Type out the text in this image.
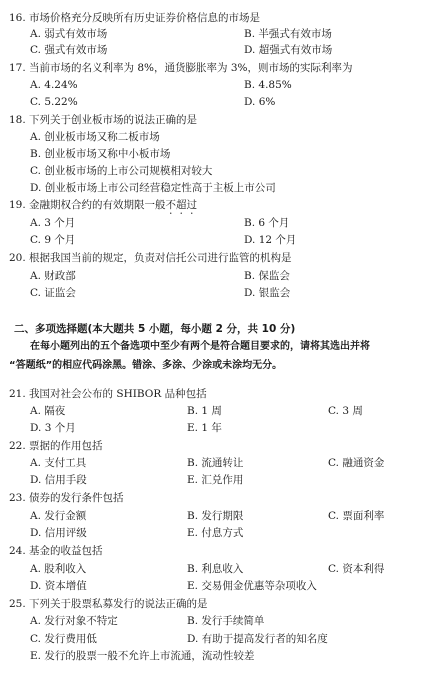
16. 市场价格充分反映所有历史证券价格信息的市场是
A. 弱式有效市场	B. 半强式有效市场
C. 强式有效市场	D. 超强式有效市场
17. 当前市场的名义利率为 8%，通货膨胀率为 3%，则市场的实际利率为
A. 4.24%	B. 4.85%
C. 5.22%	D. 6%
18. 下列关于创业板市场的说法正确的是
A. 创业板市场又称二板市场
B. 创业板市场又称中小板市场
C. 创业板市场的上市公司规模相对较大
D. 创业板市场上市公司经营稳定性高于主板上市公司
19. 金融期权合约的有效期限一般不超过
A. 3 个月	B. 6 个月
C. 9 个月	D. 12 个月
20. 根据我国当前的规定，负责对信托公司进行监管的机构是
A. 财政部	B. 保监会
C. 证监会	D. 银监会
二、多项选择题(本大题共 5 小题，每小题 2 分，共 10 分)
在每小题列出的五个备选项中至少有两个是符合题目要求的，请将其选出并将
“答题纸”的相应代码涂黑。错涂、多涂、少涂或未涂均无分。
21. 我国对社会公布的 SHIBOR 品种包括
A. 隔夜	B. 1 周	C. 3 周
D. 3 个月	E. 1 年
22. 票据的作用包括
A. 支付工具	B. 流通转让	C. 融通资金
D. 信用手段	E. 汇兑作用
23. 债券的发行条件包括
A. 发行金额	B. 发行期限	C. 票面利率
D. 信用评级	E. 付息方式
24. 基金的收益包括
A. 股利收入	B. 利息收入	C. 资本利得
D. 资本增值	E. 交易佣金优惠等杂项收入
25. 下列关于股票私募发行的说法正确的是
A. 发行对象不特定	B. 发行手续简单
C. 发行费用低	D. 有助于提高发行者的知名度
E. 发行的股票一般不允许上市流通，流动性较差
